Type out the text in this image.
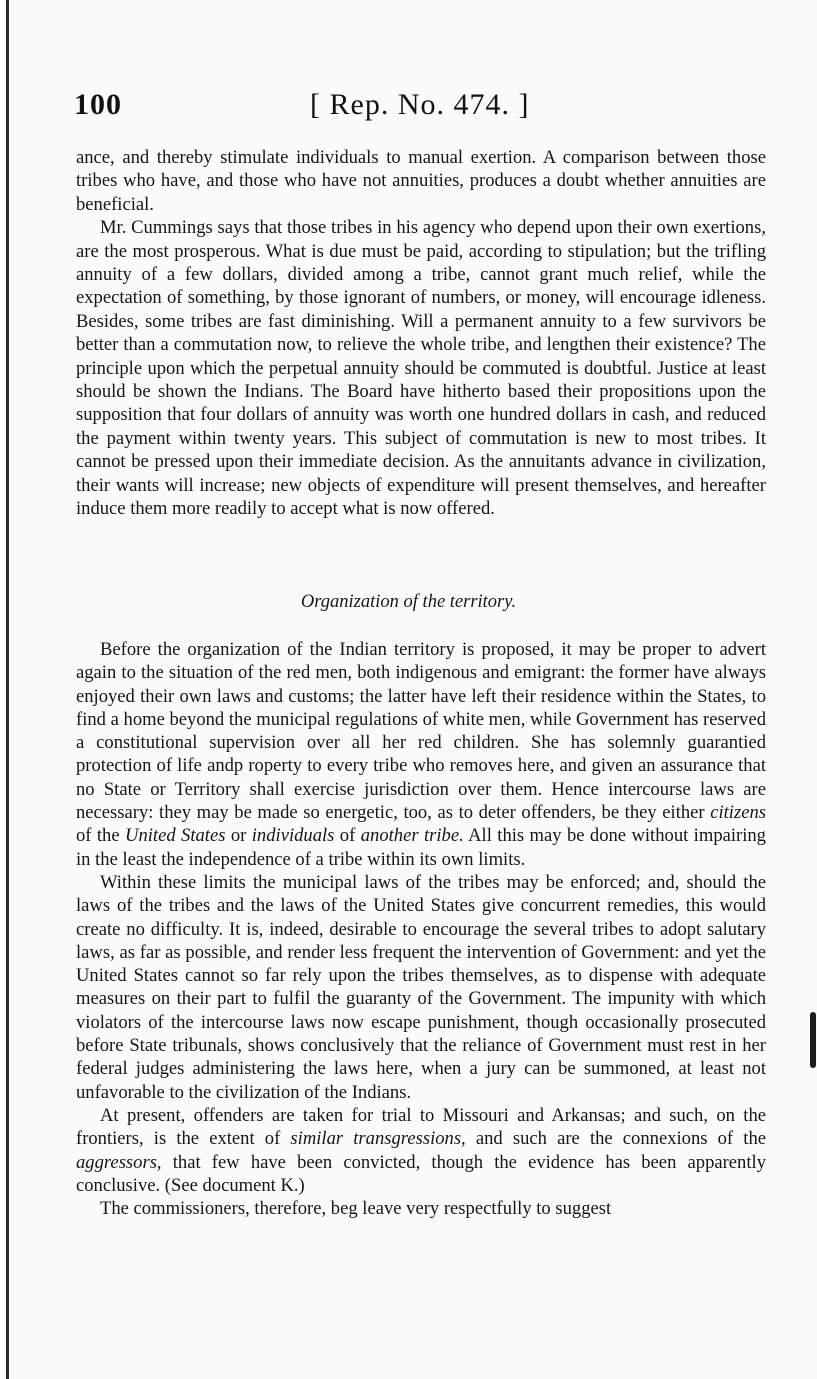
100	[ Rep. No. 474. ]

ance, and thereby stimulate individuals to manual exertion. A comparison between those tribes who have, and those who have not annuities, produces a doubt whether annuities are beneficial.

Mr. Cummings says that those tribes in his agency who depend upon their own exertions, are the most prosperous. What is due must be paid, according to stipulation; but the trifling annuity of a few dollars, divided among a tribe, cannot grant much relief, while the expectation of something, by those ignorant of numbers, or money, will encourage idleness. Besides, some tribes are fast diminishing. Will a permanent annuity to a few survivors be better than a commutation now, to relieve the whole tribe, and lengthen their existence? The principle upon which the perpetual annuity should be commuted is doubtful. Justice at least should be shown the Indians. The Board have hitherto based their propositions upon the supposition that four dollars of annuity was worth one hundred dollars in cash, and reduced the payment within twenty years. This subject of commutation is new to most tribes. It cannot be pressed upon their immediate decision. As the annuitants advance in civilization, their wants will increase; new objects of expenditure will present themselves, and hereafter induce them more readily to accept what is now offered.

Organization of the territory.

Before the organization of the Indian territory is proposed, it may be proper to advert again to the situation of the red men, both indigenous and emigrant: the former have always enjoyed their own laws and customs; the latter have left their residence within the States, to find a home beyond the municipal regulations of white men, while Government has reserved a constitutional supervision over all her red children. She has solemnly guarantied protection of life andp roperty to every tribe who removes here, and given an assurance that no State or Territory shall exercise jurisdiction over them. Hence intercourse laws are necessary: they may be made so energetic, too, as to deter offenders, be they either citizens of the United States or individuals of another tribe. All this may be done without impairing in the least the independence of a tribe within its own limits.

Within these limits the municipal laws of the tribes may be enforced; and, should the laws of the tribes and the laws of the United States give concurrent remedies, this would create no difficulty. It is, indeed, desirable to encourage the several tribes to adopt salutary laws, as far as possible, and render less frequent the intervention of Government: and yet the United States cannot so far rely upon the tribes themselves, as to dispense with adequate measures on their part to fulfil the guaranty of the Government. The impunity with which violators of the intercourse laws now escape punishment, though occasionally prosecuted before State tribunals, shows conclusively that the reliance of Government must rest in her federal judges administering the laws here, when a jury can be summoned, at least not unfavorable to the civilization of the Indians.

At present, offenders are taken for trial to Missouri and Arkansas; and such, on the frontiers, is the extent of similar transgressions, and such are the connexions of the aggressors, that few have been convicted, though the evidence has been apparently conclusive. (See document K.)

The commissioners, therefore, beg leave very respectfully to suggest
